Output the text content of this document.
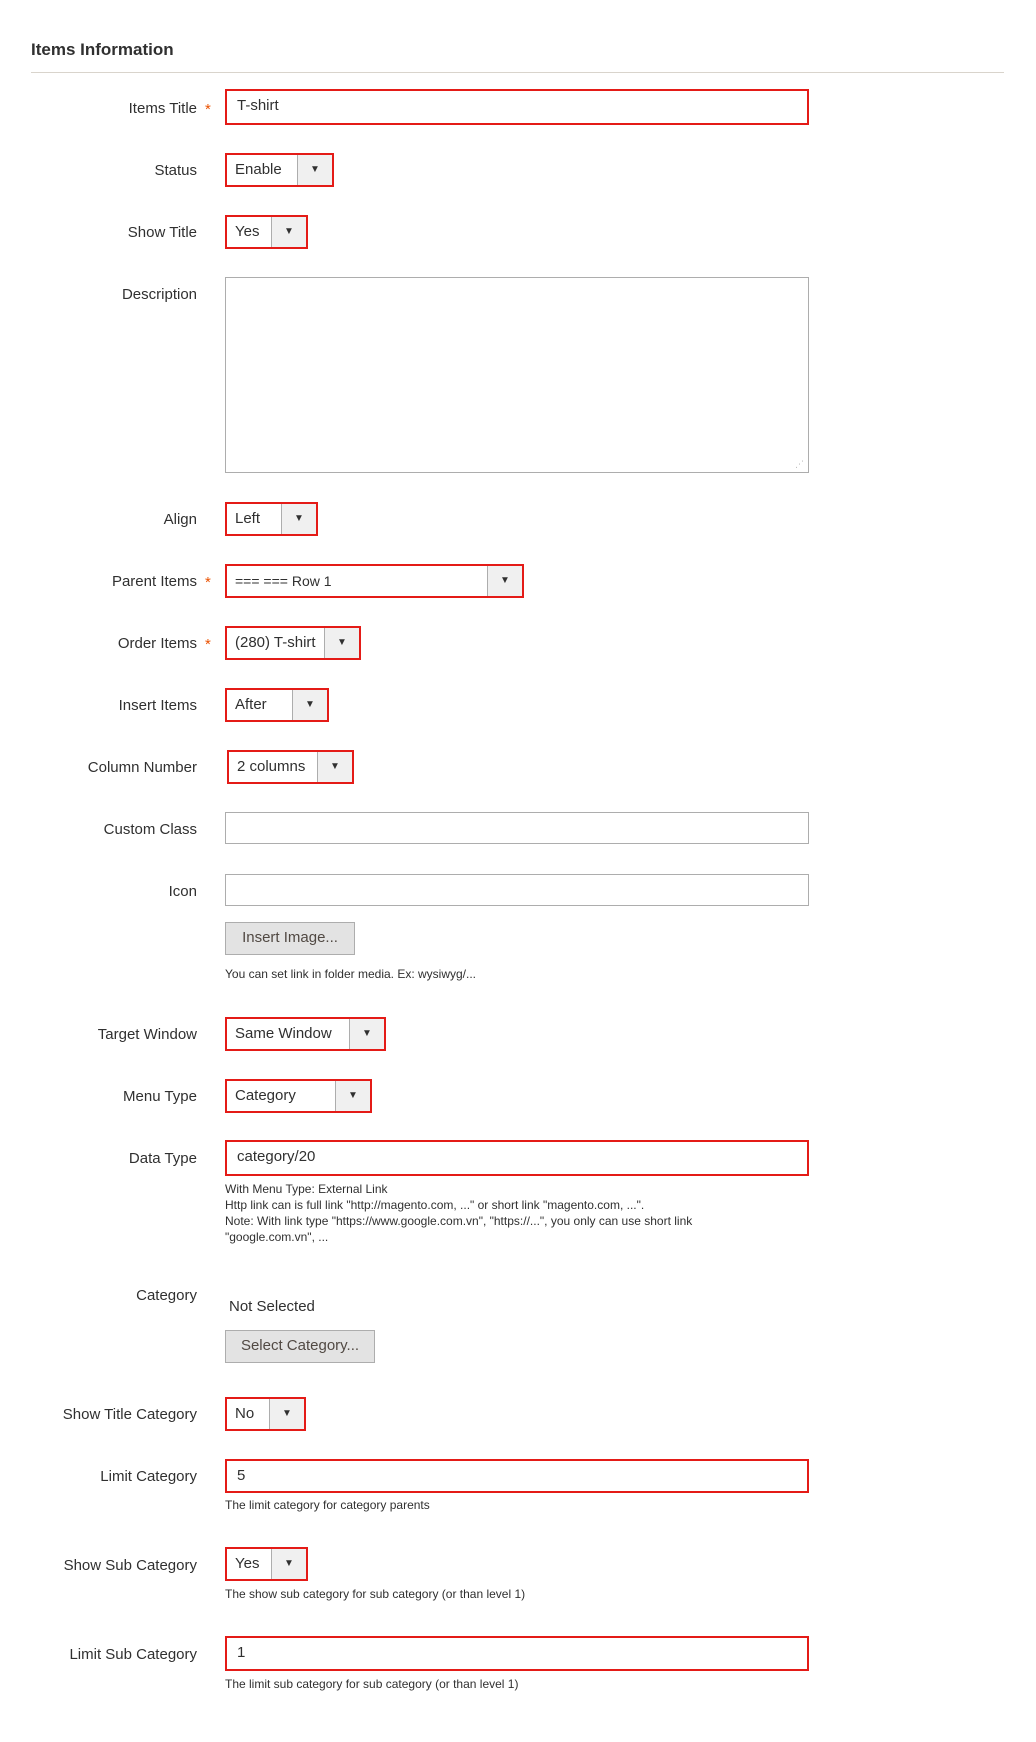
Items Information
Items Title *	T-shirt
Status	Enable	▼
Show Title	Yes	▼
Description
⋰
Align	Left	▼
Parent Items *	=== === Row 1	▼
Order Items *	(280) T-shirt	▼
Insert Items	After	▼
Column Number	2 columns	▼
Custom Class
Icon
Insert Image...
You can set link in folder media. Ex: wysiwyg/...
Target Window	Same Window	▼
Menu Type	Category	▼
Data Type	category/20
With Menu Type: External Link
Http link can is full link "http://magento.com, ..." or short link "magento.com, ...".
Note: With link type "https://www.google.com.vn", "https://...", you only can use short link
"google.com.vn", ...
Category
Not Selected
Select Category...
Show Title Category	No	▼
Limit Category	5
The limit category for category parents
Show Sub Category	Yes	▼
The show sub category for sub category (or than level 1)
Limit Sub Category	1
The limit sub category for sub category (or than level 1)
